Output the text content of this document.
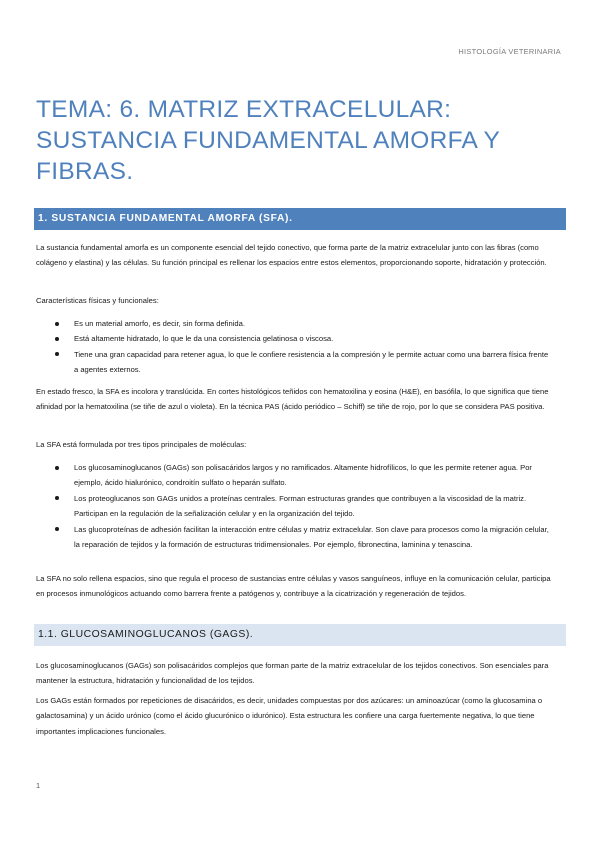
HISTOLOGÍA VETERINARIA
TEMA: 6. MATRIZ EXTRACELULAR:
SUSTANCIA FUNDAMENTAL AMORFA Y
FIBRAS.
1. SUSTANCIA FUNDAMENTAL AMORFA (SFA).

La sustancia fundamental amorfa es un componente esencial del tejido conectivo, que forma parte de la matriz extracelular junto con las fibras (como colágeno y elastina) y las células. Su función principal es rellenar los espacios entre estos elementos, proporcionando soporte, hidratación y protección.

Características físicas y funcionales:

Es un material amorfo, es decir, sin forma definida.
Está altamente hidratado, lo que le da una consistencia gelatinosa o viscosa.
Tiene una gran capacidad para retener agua, lo que le confiere resistencia a la compresión y le permite actuar como una barrera física frente a agentes externos.

En estado fresco, la SFA es incolora y translúcida. En cortes histológicos teñidos con hematoxilina y eosina (H&E), en basófila, lo que significa que tiene afinidad por la hematoxilina (se tiñe de azul o violeta). En la técnica PAS (ácido periódico – Schiff) se tiñe de rojo, por lo que se considera PAS positiva.

La SFA está formulada por tres tipos principales de moléculas:

Los glucosaminoglucanos (GAGs) son polisacáridos largos y no ramificados. Altamente hidrofílicos, lo que les permite retener agua. Por ejemplo, ácido hialurónico, condroitín sulfato o heparán sulfato.
Los proteoglucanos son GAGs unidos a proteínas centrales. Forman estructuras grandes que contribuyen a la viscosidad de la matriz. Participan en la regulación de la señalización celular y en la organización del tejido.
Las glucoproteínas de adhesión facilitan la interacción entre células y matriz extracelular. Son clave para procesos como la migración celular, la reparación de tejidos y la formación de estructuras tridimensionales. Por ejemplo, fibronectina, laminina y tenascina.

La SFA no solo rellena espacios, sino que regula el proceso de sustancias entre células y vasos sanguíneos, influye en la comunicación celular, participa en procesos inmunológicos actuando como barrera frente a patógenos y, contribuye a la cicatrización y regeneración de tejidos.

1.1. GLUCOSAMINOGLUCANOS (GAGS).

Los glucosaminoglucanos (GAGs) son polisacáridos complejos que forman parte de la matriz extracelular de los tejidos conectivos. Son esenciales para mantener la estructura, hidratación y funcionalidad de los tejidos.

Los GAGs están formados por repeticiones de disacáridos, es decir, unidades compuestas por dos azúcares: un aminoazúcar (como la glucosamina o galactosamina) y un ácido urónico (como el ácido glucurónico o idurónico). Esta estructura les confiere una carga fuertemente negativa, lo que tiene importantes implicaciones funcionales.

1
